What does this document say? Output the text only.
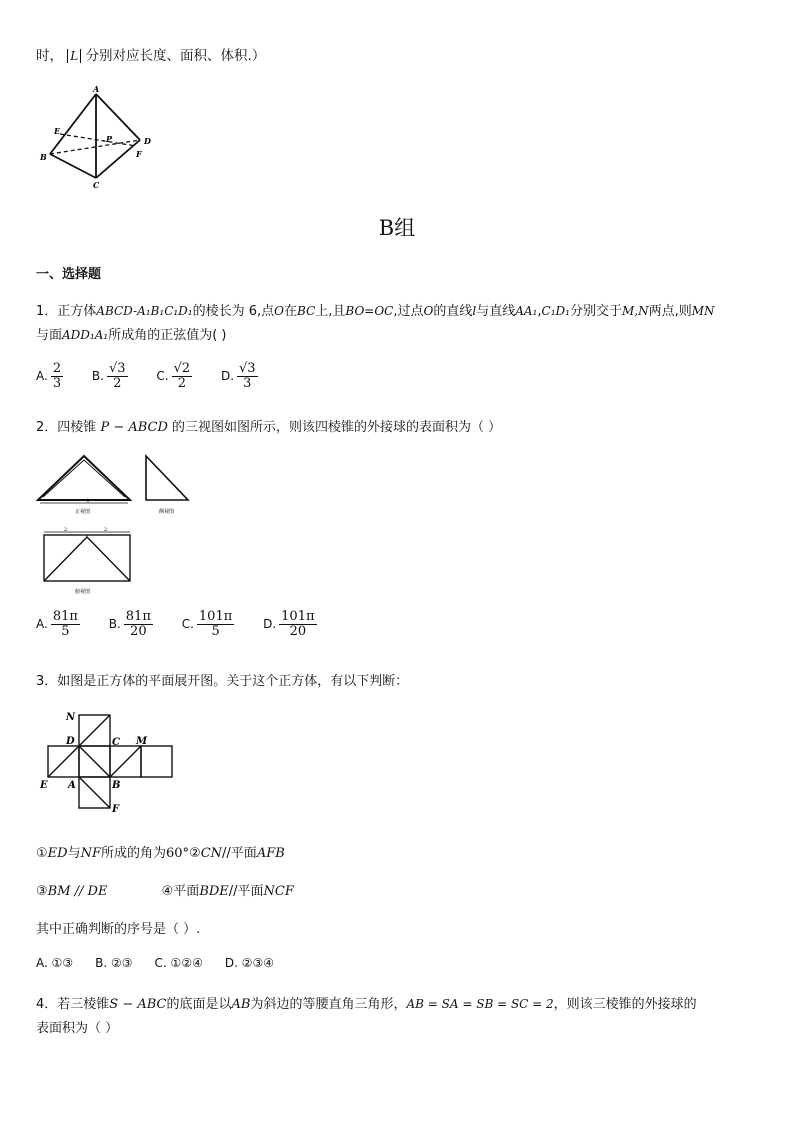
时， L 分别对应长度、面积、体积.）
A
E
P	D
F
B
C
B组
一、选择题
1．正方体ABCD-A₁B₁C₁D₁的棱长为 6,点O在BC上,且BO=OC,过点O的直线l与直线AA₁,C₁D₁分别交于M,N两点,则MN
与面ADD₁A₁所成角的正弦值为( )
A. $\frac{2}{3} B$. $\frac{√3}{2} C$. $\frac{√2}{2} D$. $\frac{√3}{3}$
2．四棱锥 P − ABCD 的三视图如图所示，则该四棱锥的外接球的表面积为（ ）
4
正视图	侧视图
2	2
俯视图
A. $\frac{81\pi}{5} B$. $\frac{81\pi}{20} C$. $\frac{101\pi}{5} D$. $\frac{101\pi}{20}$
3．如图是正方体的平面展开图。关于这个正方体，有以下判断：
N
D	C M
E A	B
F
①ED与NF所成的角为60°②CN//平面AFB
③BM // DE	④平面BDE//平面NCF
其中正确判断的序号是（ ）.
A. ①③ B. ②③ C. ①②④ D. ②③④
4．若三棱锥S − ABC的底面是以AB为斜边的等腰直角三角形，AB = SA = SB = SC = 2，则该三棱锥的外接球的
表面积为（ ）
